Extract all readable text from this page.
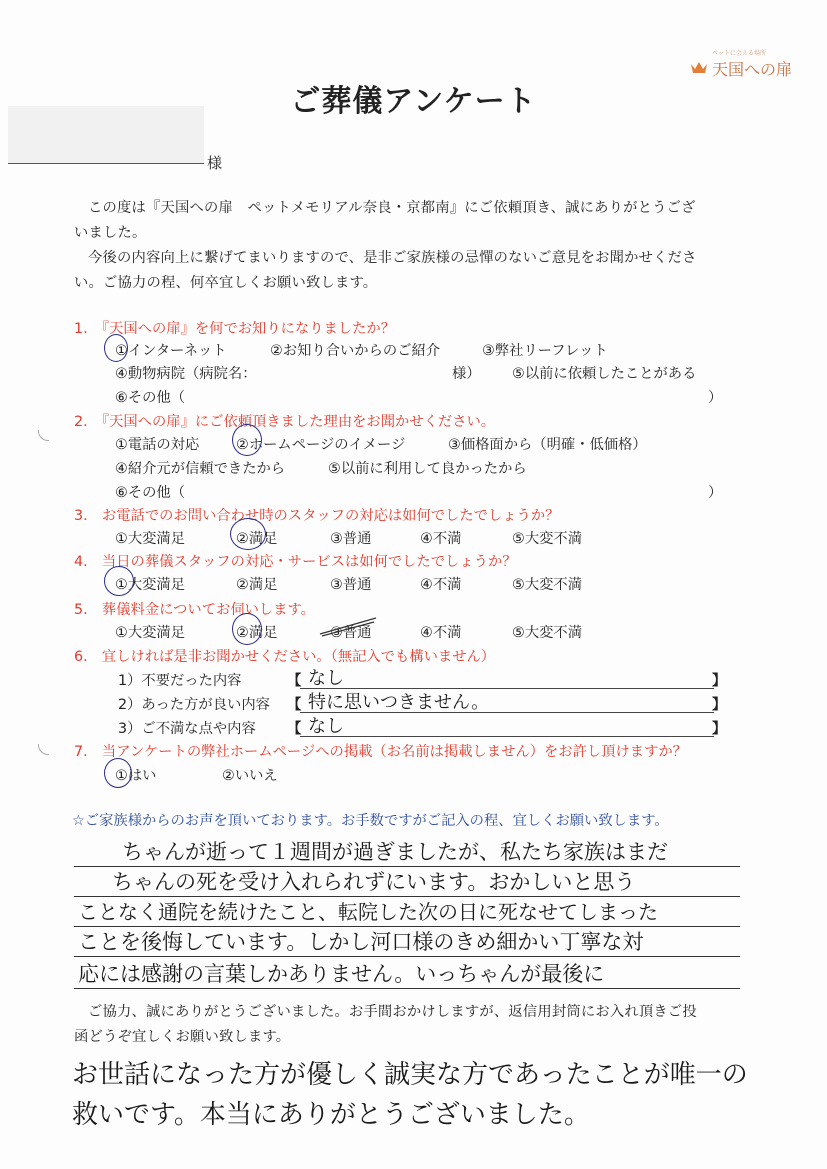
ペットに会える場所
天国への扉
ご葬儀アンケート
様
この度は『天国への扉　ペットメモリアル奈良・京都南』にご依頼頂き、誠にありがとうござ
いました。
今後の内容向上に繋げてまいりますので、是非ご家族様の忌憚のないご意見をお聞かせくださ
い。ご協力の程、何卒宜しくお願い致します。
1.　『天国への扉』を何でお知りになりましたか？
①インターネット	②お知り合いからのご紹介	③弊社リーフレット
④動物病院（病院名：	様） ⑤以前に依頼したことがある
⑥その他（	）
2.　『天国への扉』にご依頼頂きました理由をお聞かせください。
①電話の対応	②ホームページのイメージ	③価格面から（明確・低価格）
④紹介元が信頼できたから	⑤以前に利用して良かったから
⑥その他（	）
3.　お電話でのお問い合わせ時のスタッフの対応は如何でしたでしょうか？
①大変満足	②満足	③普通	④不満	⑤大変不満
4.　当日の葬儀スタッフの対応・サービスは如何でしたでしょうか？
①大変満足	②満足	③普通	④不満	⑤大変不満
5.　葬儀料金についてお伺いします。
①大変満足	②満足	③普通	④不満	⑤大変不満
6.　宜しければ是非お聞かせください。（無記入でも構いません）
1）不要だった内容	【 なし	】
2）あった方が良い内容 【 特に思いつきません。	】
3）ご不満な点や内容 【 なし	】
7.　当アンケートの弊社ホームページへの掲載（お名前は掲載しません）をお許し頂けますか？
①はい	②いいえ
☆ご家族様からのお声を頂いております。お手数ですがご記入の程、宜しくお願い致します。
ちゃんが逝って１週間が過ぎましたが、私たち家族はまだ
ちゃんの死を受け入れられずにいます。おかしいと思う
ことなく通院を続けたこと、転院した次の日に死なせてしまった
ことを後悔しています。しかし河口様のきめ細かい丁寧な対
応には感謝の言葉しかありません。いっちゃんが最後に
ご協力、誠にありがとうございました。お手間おかけしますが、返信用封筒にお入れ頂きご投
函どうぞ宜しくお願い致します。
お世話になった方が優しく誠実な方であったことが唯一の
救いです。本当にありがとうございました。
